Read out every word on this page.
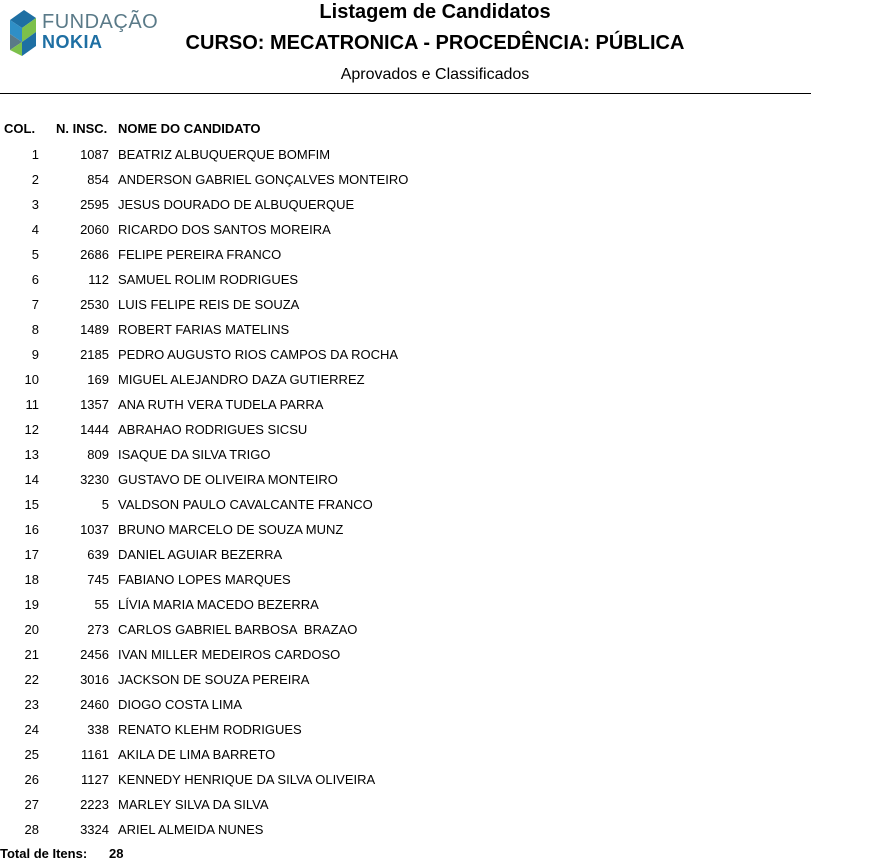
FUNDAÇÃO
NOKIA
Listagem de Candidatos
CURSO: MECATRONICA - PROCEDÊNCIA: PÚBLICA
Aprovados e Classificados
COL. N. INSC. NOME DO CANDIDATO
1	1087 BEATRIZ ALBUQUERQUE BOMFIM
2	854 ANDERSON GABRIEL GONÇALVES MONTEIRO
3	2595 JESUS DOURADO DE ALBUQUERQUE
4	2060 RICARDO DOS SANTOS MOREIRA
5	2686 FELIPE PEREIRA FRANCO
6	112 SAMUEL ROLIM RODRIGUES
7	2530 LUIS FELIPE REIS DE SOUZA
8	1489 ROBERT FARIAS MATELINS
9	2185 PEDRO AUGUSTO RIOS CAMPOS DA ROCHA
10	169 MIGUEL ALEJANDRO DAZA GUTIERREZ
11	1357 ANA RUTH VERA TUDELA PARRA
12	1444 ABRAHAO RODRIGUES SICSU
13	809 ISAQUE DA SILVA TRIGO
14	3230 GUSTAVO DE OLIVEIRA MONTEIRO
15	5 VALDSON PAULO CAVALCANTE FRANCO
16	1037 BRUNO MARCELO DE SOUZA MUNZ
17	639 DANIEL AGUIAR BEZERRA
18	745 FABIANO LOPES MARQUES
19	55 LÍVIA MARIA MACEDO BEZERRA
20	273 CARLOS GABRIEL BARBOSA  BRAZAO
21	2456 IVAN MILLER MEDEIROS CARDOSO
22	3016 JACKSON DE SOUZA PEREIRA
23	2460 DIOGO COSTA LIMA
24	338 RENATO KLEHM RODRIGUES
25	1161 AKILA DE LIMA BARRETO
26	1127 KENNEDY HENRIQUE DA SILVA OLIVEIRA
27	2223 MARLEY SILVA DA SILVA
28	3324 ARIEL ALMEIDA NUNES
Total de Itens: 28
